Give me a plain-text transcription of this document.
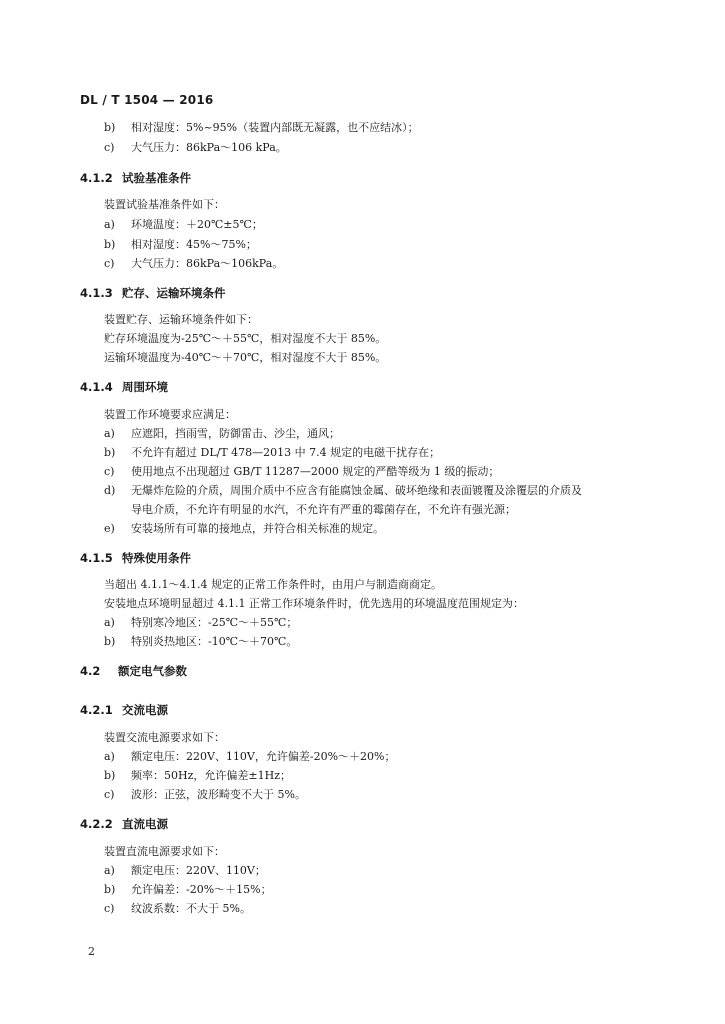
DL / T 1504 — 2016
b) 相对湿度：5%~95%（装置内部既无凝露，也不应结冰）；
c) 大气压力：86kPa～106 kPa。
4.1.2 试验基准条件
装置试验基准条件如下：
a) 环境温度：＋20℃±5℃；
b) 相对湿度：45%～75%；
c) 大气压力：86kPa～106kPa。
4.1.3 贮存、运输环境条件
装置贮存、运输环境条件如下：
贮存环境温度为-25℃～＋55℃，相对湿度不大于 85%。
运输环境温度为-40℃～＋70℃，相对湿度不大于 85%。
4.1.4 周围环境
装置工作环境要求应满足：
a) 应遮阳，挡雨雪，防御雷击、沙尘，通风；
b) 不允许有超过 DL/T 478—2013 中 7.4 规定的电磁干扰存在；
c) 使用地点不出现超过 GB/T 11287—2000 规定的严酷等级为 1 级的振动；
d) 无爆炸危险的介质，周围介质中不应含有能腐蚀金属、破坏绝缘和表面镀覆及涂覆层的介质及
导电介质，不允许有明显的水汽，不允许有严重的霉菌存在，不允许有强光源；
e) 安装场所有可靠的接地点，并符合相关标准的规定。
4.1.5 特殊使用条件
当超出 4.1.1～4.1.4 规定的正常工作条件时，由用户与制造商商定。
安装地点环境明显超过 4.1.1 正常工作环境条件时，优先选用的环境温度范围规定为：
a) 特别寒冷地区：-25℃～＋55℃；
b) 特别炎热地区：-10℃～＋70℃。
4.2 额定电气参数
4.2.1 交流电源
装置交流电源要求如下：
a) 额定电压：220V、110V，允许偏差-20%～＋20%；
b) 频率：50Hz，允许偏差±1Hz；
c) 波形：正弦，波形畸变不大于 5%。
4.2.2 直流电源
装置直流电源要求如下：
a) 额定电压：220V、110V；
b) 允许偏差：-20%～＋15%；
c) 纹波系数：不大于 5%。
2
